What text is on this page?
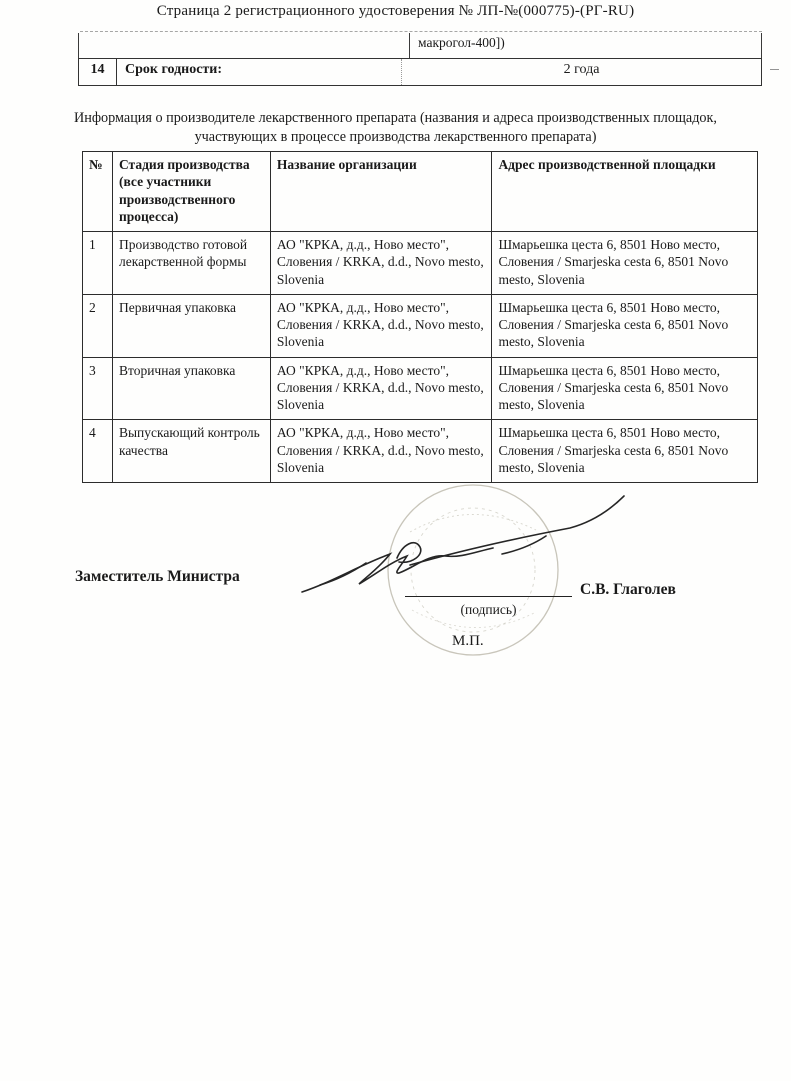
Страница 2 регистрационного удостоверения № ЛП-№(000775)-(РГ-RU)
макрогол-400])
14	Срок годности:	2 года
Информация о производителе лекарственного препарата (названия и адреса производственных площадок, участвующих в процессе производства лекарственного препарата)
№	Стадия производства (все участники производственного процесса)	Название организации	Адрес производственной площадки
1	Производство готовой лекарственной формы	АО "КРКА, д.д., Ново место", Словения / KRKA, d.d., Novo mesto, Slovenia	Шмарьешка цеста 6, 8501 Ново место, Словения / Smarjeska cesta 6, 8501 Novo mesto, Slovenia
2	Первичная упаковка	АО "КРКА, д.д., Ново место", Словения / KRKA, d.d., Novo mesto, Slovenia	Шмарьешка цеста 6, 8501 Ново место, Словения / Smarjeska cesta 6, 8501 Novo mesto, Slovenia
3	Вторичная упаковка	АО "КРКА, д.д., Ново место", Словения / KRKA, d.d., Novo mesto, Slovenia	Шмарьешка цеста 6, 8501 Ново место, Словения / Smarjeska cesta 6, 8501 Novo mesto, Slovenia
4	Выпускающий контроль качества	АО "КРКА, д.д., Ново место", Словения / KRKA, d.d., Novo mesto, Slovenia	Шмарьешка цеста 6, 8501 Ново место, Словения / Smarjeska cesta 6, 8501 Novo mesto, Slovenia
Заместитель Министра
С.В. Глаголев
(подпись)
М.П.
